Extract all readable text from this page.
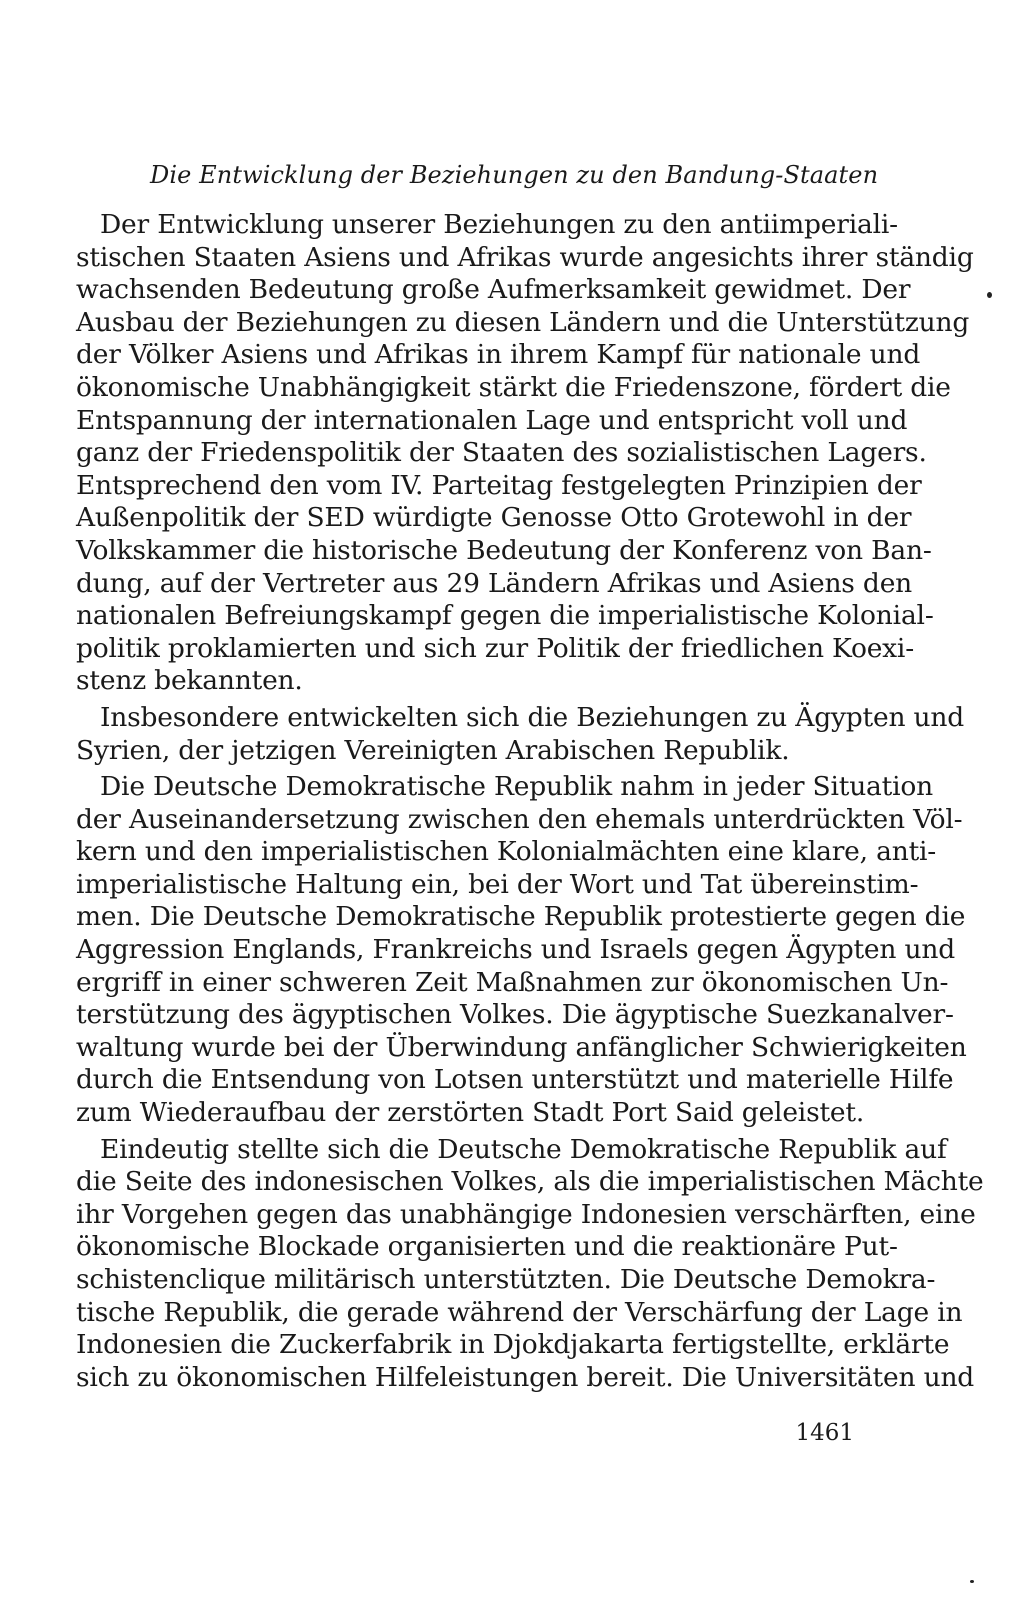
Die Entwicklung der Beziehungen zu den Bandung-Staaten
Der Entwicklung unserer Beziehungen zu den antiimperiali-
stischen Staaten Asiens und Afrikas wurde angesichts ihrer ständig
wachsenden Bedeutung große Aufmerksamkeit gewidmet. Der
Ausbau der Beziehungen zu diesen Ländern und die Unterstützung
der Völker Asiens und Afrikas in ihrem Kampf für nationale und
ökonomische Unabhängigkeit stärkt die Friedenszone, fördert die
Entspannung der internationalen Lage und entspricht voll und
ganz der Friedenspolitik der Staaten des sozialistischen Lagers.
Entsprechend den vom IV. Parteitag festgelegten Prinzipien der
Außenpolitik der SED würdigte Genosse Otto Grotewohl in der
Volkskammer die historische Bedeutung der Konferenz von Ban-
dung, auf der Vertreter aus 29 Ländern Afrikas und Asiens den
nationalen Befreiungskampf gegen die imperialistische Kolonial-
politik proklamierten und sich zur Politik der friedlichen Koexi-
stenz bekannten.
Insbesondere entwickelten sich die Beziehungen zu Ägypten und
Syrien, der jetzigen Vereinigten Arabischen Republik.
Die Deutsche Demokratische Republik nahm in jeder Situation
der Auseinandersetzung zwischen den ehemals unterdrückten Völ-
kern und den imperialistischen Kolonialmächten eine klare, anti-
imperialistische Haltung ein, bei der Wort und Tat übereinstim-
men. Die Deutsche Demokratische Republik protestierte gegen die
Aggression Englands, Frankreichs und Israels gegen Ägypten und
ergriff in einer schweren Zeit Maßnahmen zur ökonomischen Un-
terstützung des ägyptischen Volkes. Die ägyptische Suezkanalver-
waltung wurde bei der Überwindung anfänglicher Schwierigkeiten
durch die Entsendung von Lotsen unterstützt und materielle Hilfe
zum Wiederaufbau der zerstörten Stadt Port Said geleistet.
Eindeutig stellte sich die Deutsche Demokratische Republik auf
die Seite des indonesischen Volkes, als die imperialistischen Mächte
ihr Vorgehen gegen das unabhängige Indonesien verschärften, eine
ökonomische Blockade organisierten und die reaktionäre Put-
schistenclique militärisch unterstützten. Die Deutsche Demokra-
tische Republik, die gerade während der Verschärfung der Lage in
Indonesien die Zuckerfabrik in Djokdjakarta fertigstellte, erklärte
sich zu ökonomischen Hilfeleistungen bereit. Die Universitäten und
1461
